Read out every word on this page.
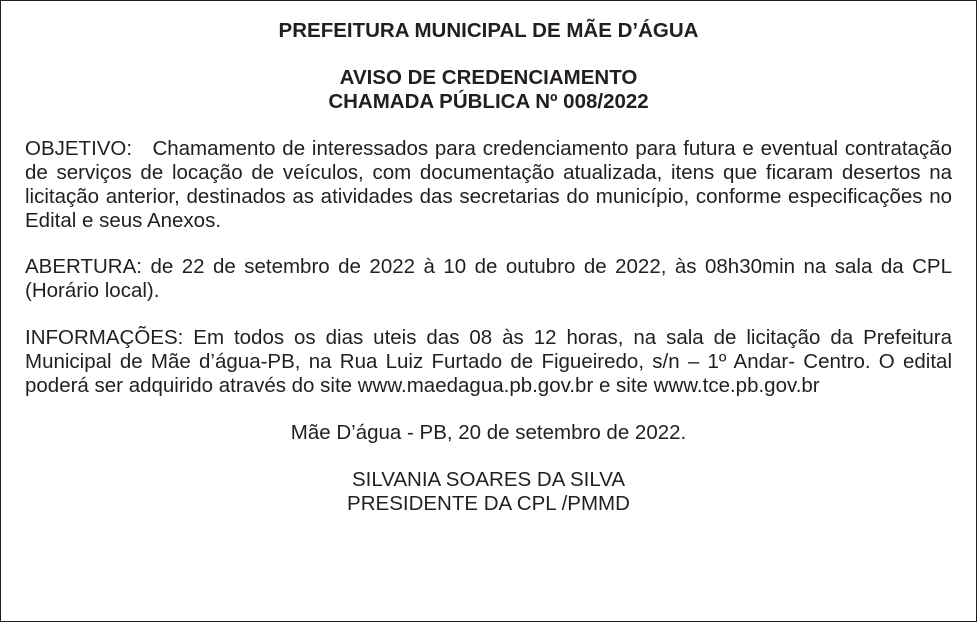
PREFEITURA MUNICIPAL DE MÃE D’ÁGUA
AVISO DE CREDENCIAMENTO
CHAMADA PÚBLICA Nº 008/2022

OBJETIVO:   Chamamento de interessados para credenciamento para futura e eventual contratação de serviços de locação de veículos, com documentação atualizada, itens que ficaram desertos na licitação anterior, destinados as atividades das secretarias do município, conforme especificações no Edital e seus Anexos.

ABERTURA: de 22 de setembro de 2022 à 10 de outubro de 2022, às 08h30min na sala da CPL (Horário local).

INFORMAÇÕES: Em todos os dias uteis das 08 às 12 horas, na sala de licitação da Prefeitura Municipal de Mãe d’água-PB, na Rua Luiz Furtado de Figueiredo, s/n – 1º Andar- Centro. O edital poderá ser adquirido através do site www.maedagua.pb.gov.br e site www.tce.pb.gov.br

Mãe D’água - PB, 20 de setembro de 2022.
SILVANIA SOARES DA SILVA
PRESIDENTE DA CPL /PMMD
